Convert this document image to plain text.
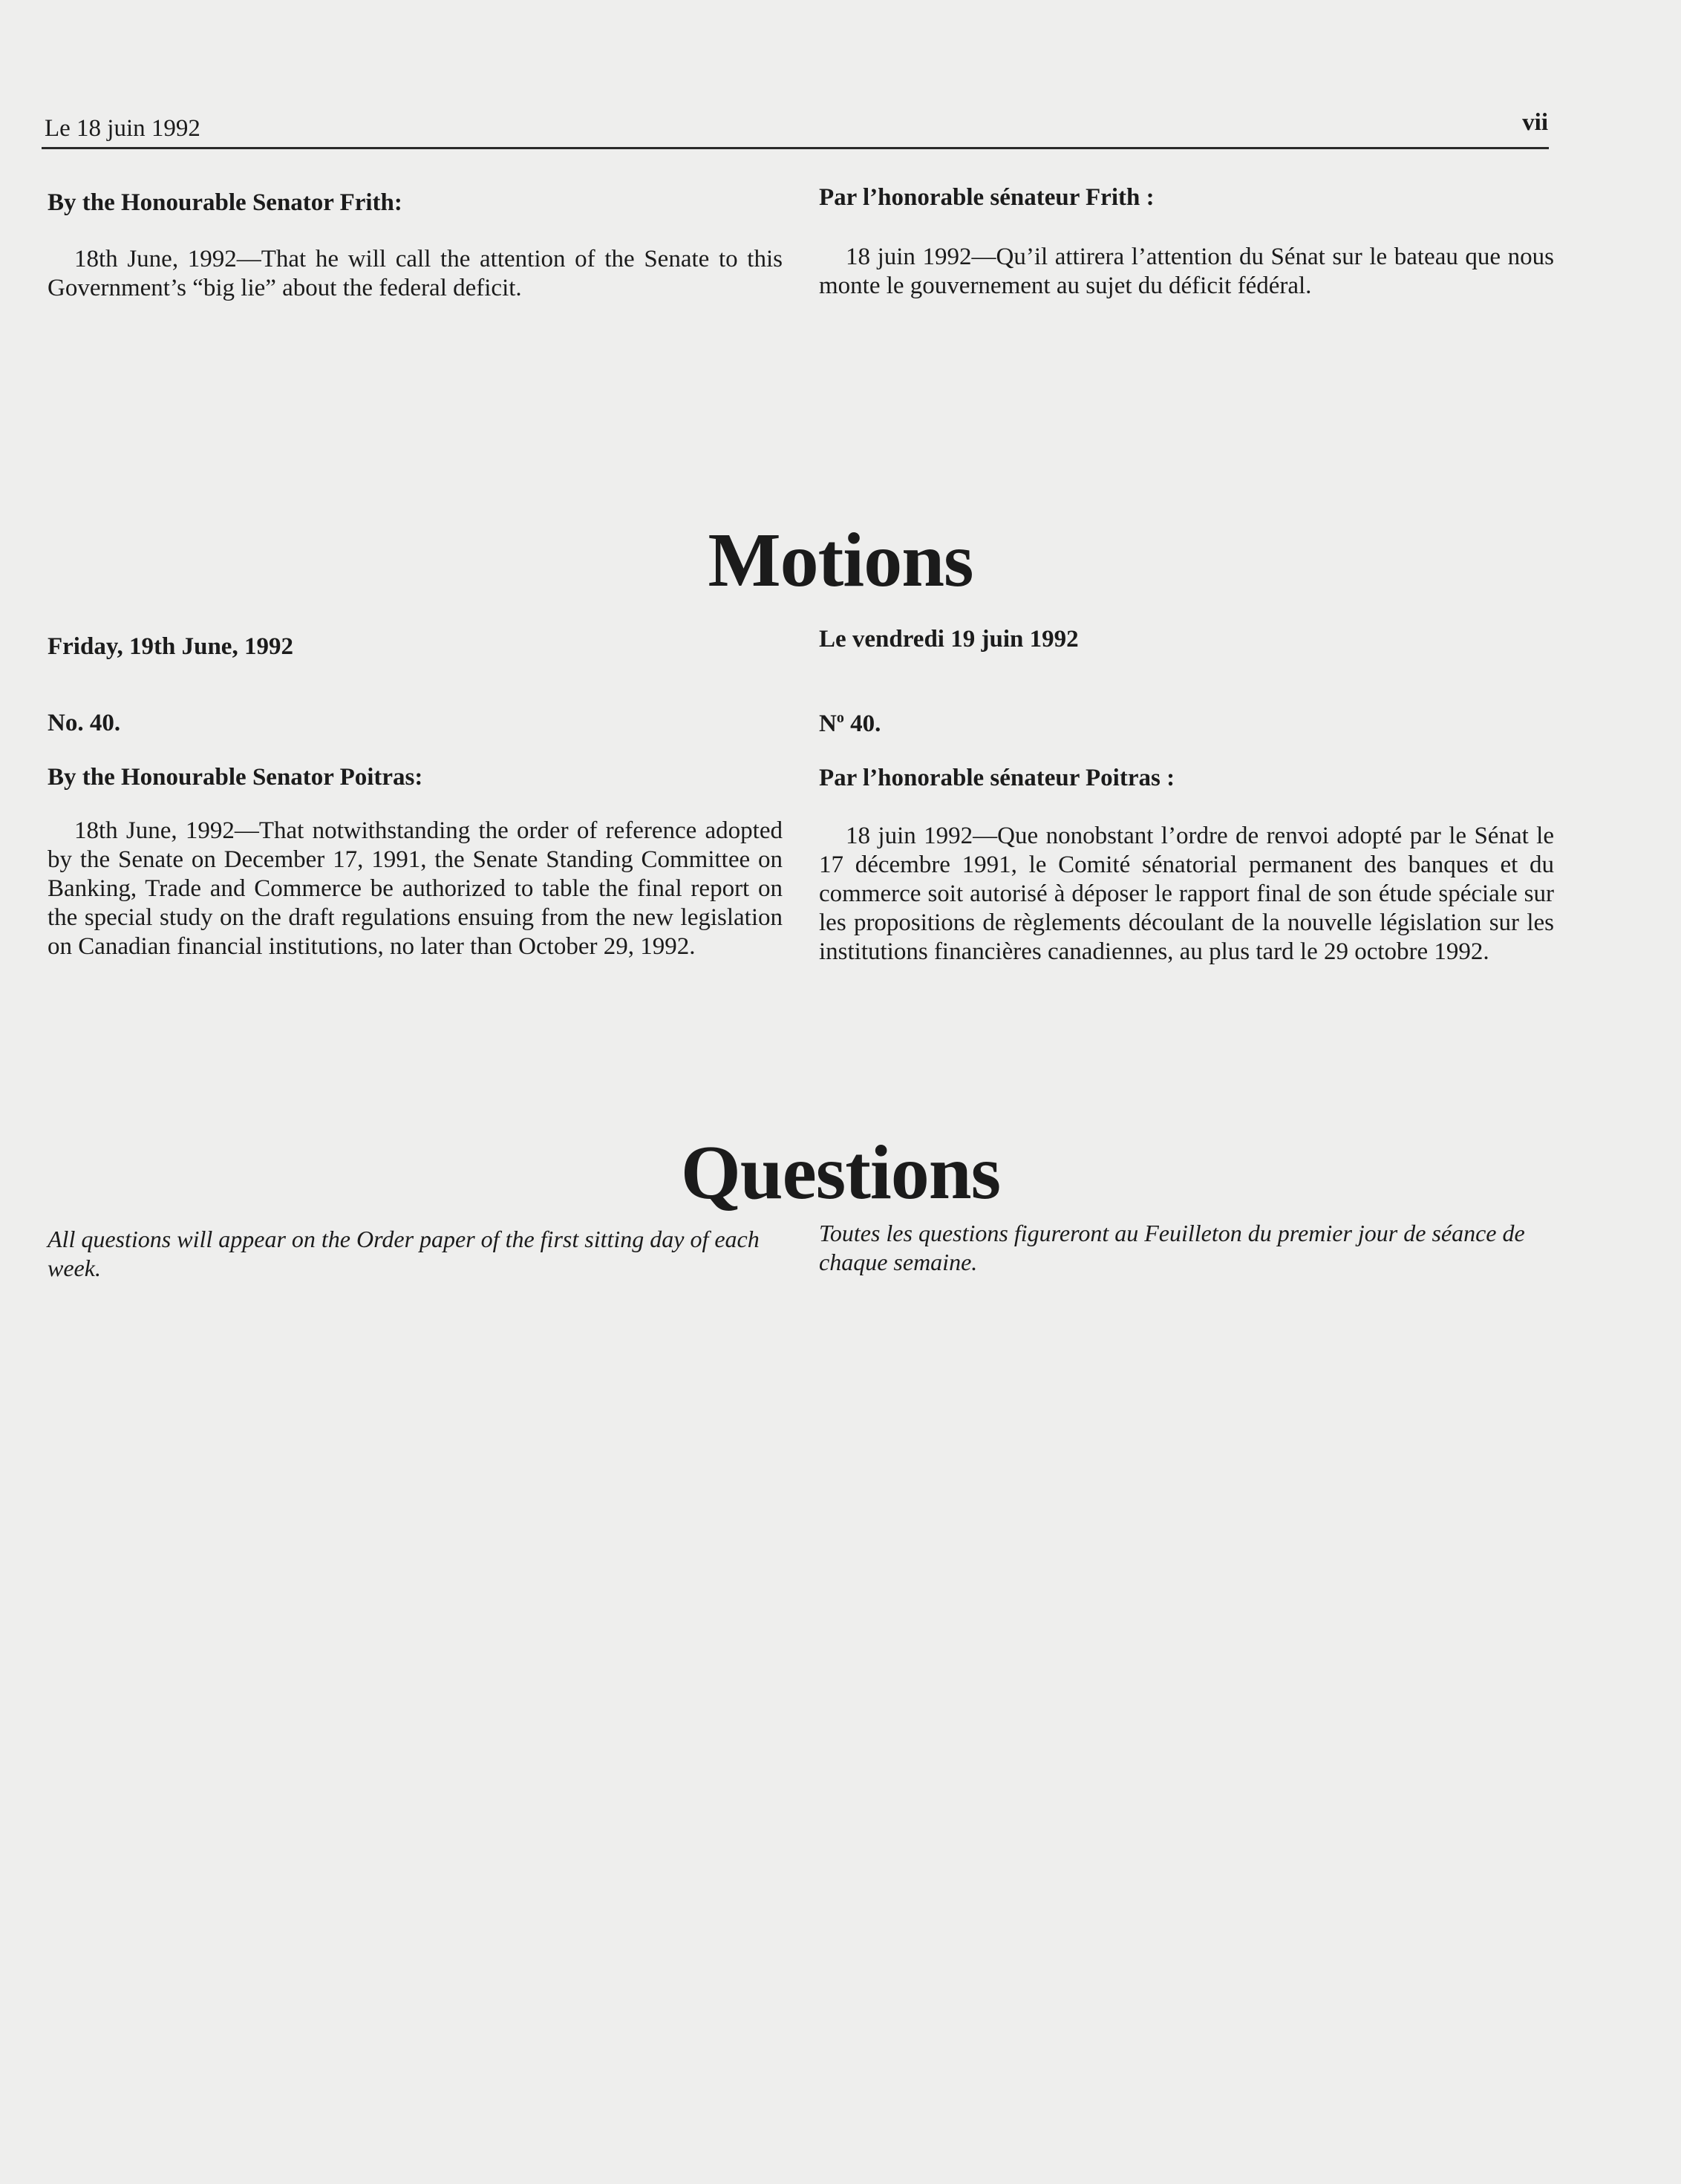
Le 18 juin 1992	vii
By the Honourable Senator Frith:
18th June, 1992—That he will call the attention of the Senate to this Government’s “big lie” about the federal deficit.
Par l’honorable sénateur Frith :
18 juin 1992—Qu’il attirera l’attention du Sénat sur le bateau que nous monte le gouvernement au sujet du déficit fédéral.
Motions
Friday, 19th June, 1992
No. 40.
By the Honourable Senator Poitras:
18th June, 1992—That notwithstanding the order of reference adopted by the Senate on December 17, 1991, the Senate Standing Committee on Banking, Trade and Commerce be authorized to table the final report on the special study on the draft regulations ensuing from the new legislation on Canadian financial institutions, no later than October 29, 1992.
Le vendredi 19 juin 1992
$N^o$ 40.
Par l’honorable sénateur Poitras :
18 juin 1992—Que nonobstant l’ordre de renvoi adopté par le Sénat le 17 décembre 1991, le Comité sénatorial permanent des banques et du commerce soit autorisé à déposer le rapport final de son étude spéciale sur les propositions de règlements découlant de la nouvelle législation sur les institutions financières canadiennes, au plus tard le 29 octobre 1992.
Questions
All questions will appear on the Order paper of the first sitting day of each week.
Toutes les questions figureront au Feuilleton du premier jour de séance de chaque semaine.
